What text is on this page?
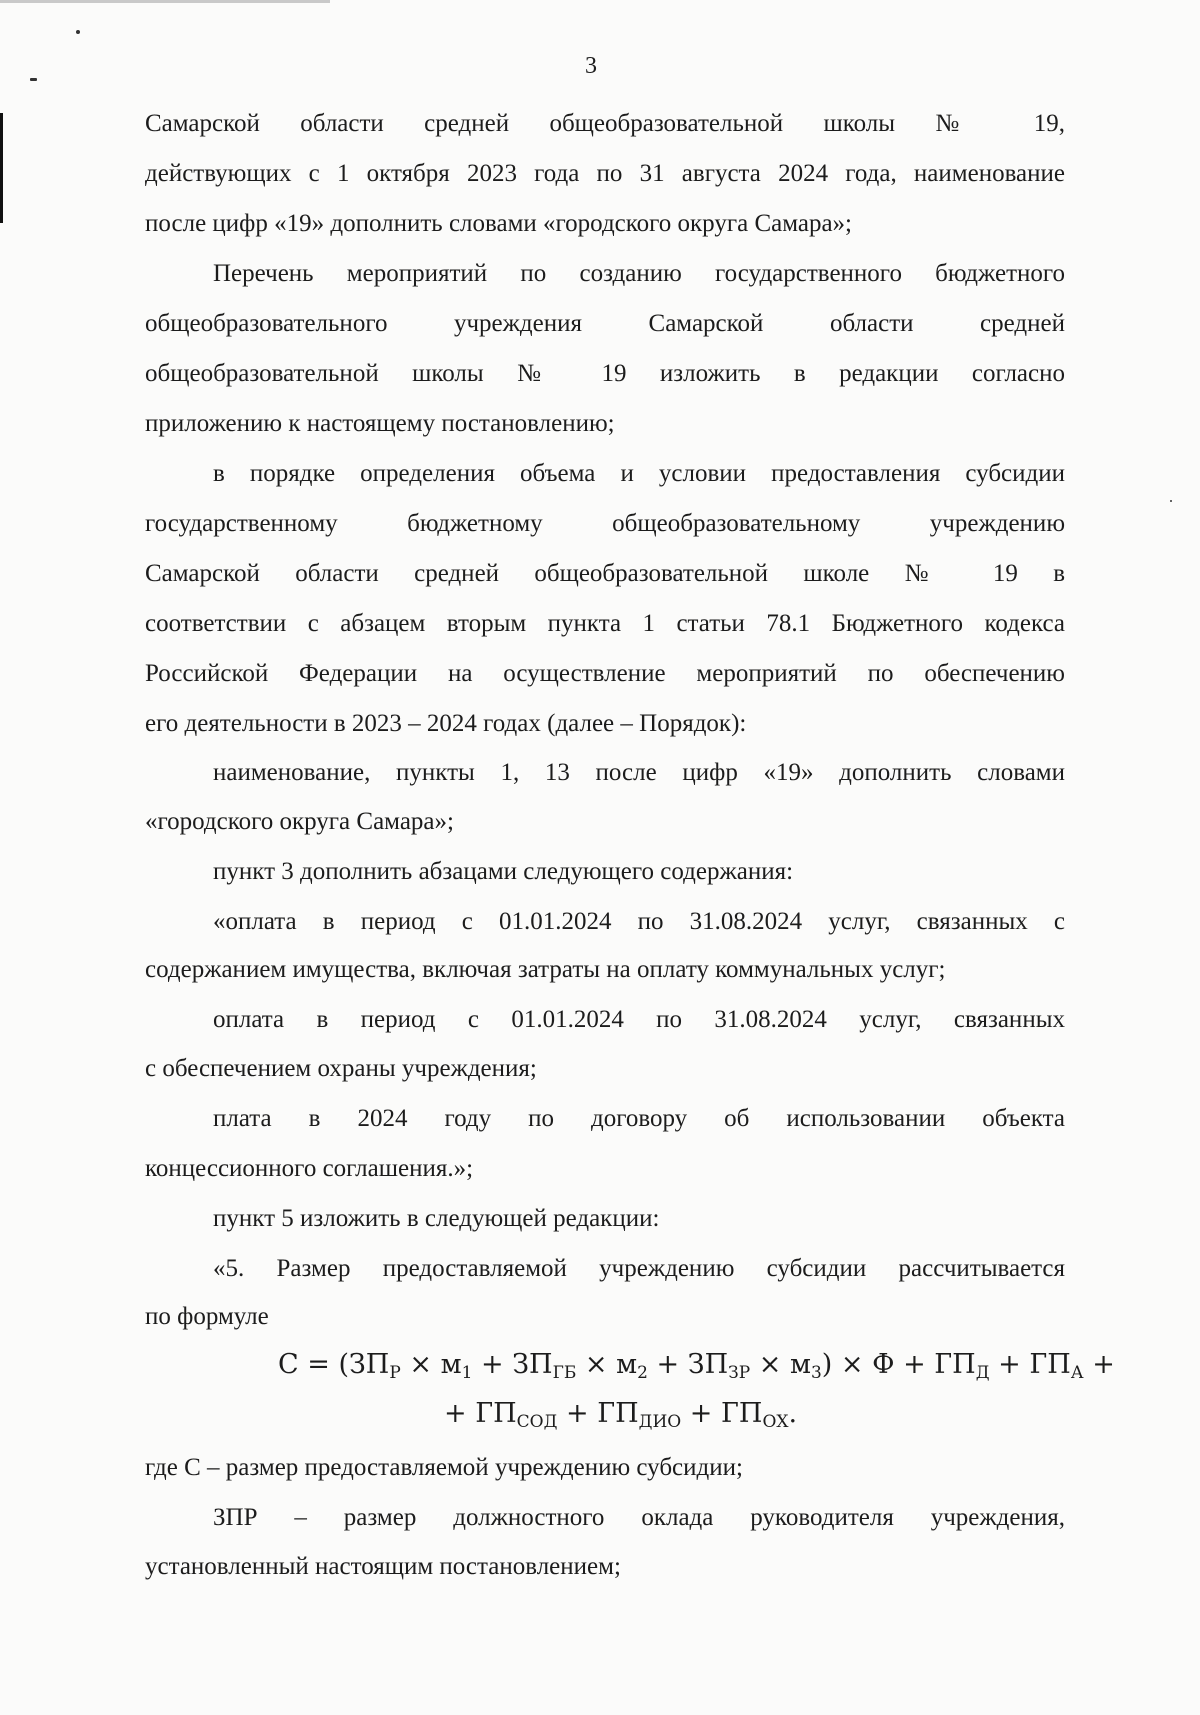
3
Самарской области средней общеобразовательной школы № 19,
действующих с 1 октября 2023 года по 31 августа 2024 года, наименование
после цифр «19» дополнить словами «городского округа Самара»;
Перечень мероприятий по созданию государственного бюджетного
общеобразовательного учреждения Самарской области средней
общеобразовательной школы № 19 изложить в редакции согласно
приложению к настоящему постановлению;
в порядке определения объема и условии предоставления субсидии
государственному бюджетному общеобразовательному учреждению
Самарской области средней общеобразовательной школе № 19 в
соответствии с абзацем вторым пункта 1 статьи 78.1 Бюджетного кодекса
Российской Федерации на осуществление мероприятий по обеспечению
его деятельности в 2023 – 2024 годах (далее – Порядок):
наименование, пункты 1, 13 после цифр «19» дополнить словами
«городского округа Самара»;
пункт 3 дополнить абзацами следующего содержания:
«оплата в период с 01.01.2024 по 31.08.2024 услуг, связанных с
содержанием имущества, включая затраты на оплату коммунальных услуг;
оплата в период с 01.01.2024 по 31.08.2024 услуг, связанных
с обеспечением охраны учреждения;
плата в 2024 году по договору об использовании объекта
концессионного соглашения.»;
пункт 5 изложить в следующей редакции:
«5. Размер предоставляемой учреждению субсидии рассчитывается
по формуле
$С = (ЗП_Р \times м_1 + ЗП_{ГБ} \times м_2 + ЗП_{ЗР} \times м_3) \times Ф + ГП_Д + ГП_А$ +
+ $ГП_{СОД} + ГП_{ДИО} + ГП_{ОХ}$.
где С – размер предоставляемой учреждению субсидии;
ЗПР – размер должностного оклада руководителя учреждения,
установленный настоящим постановлением;
